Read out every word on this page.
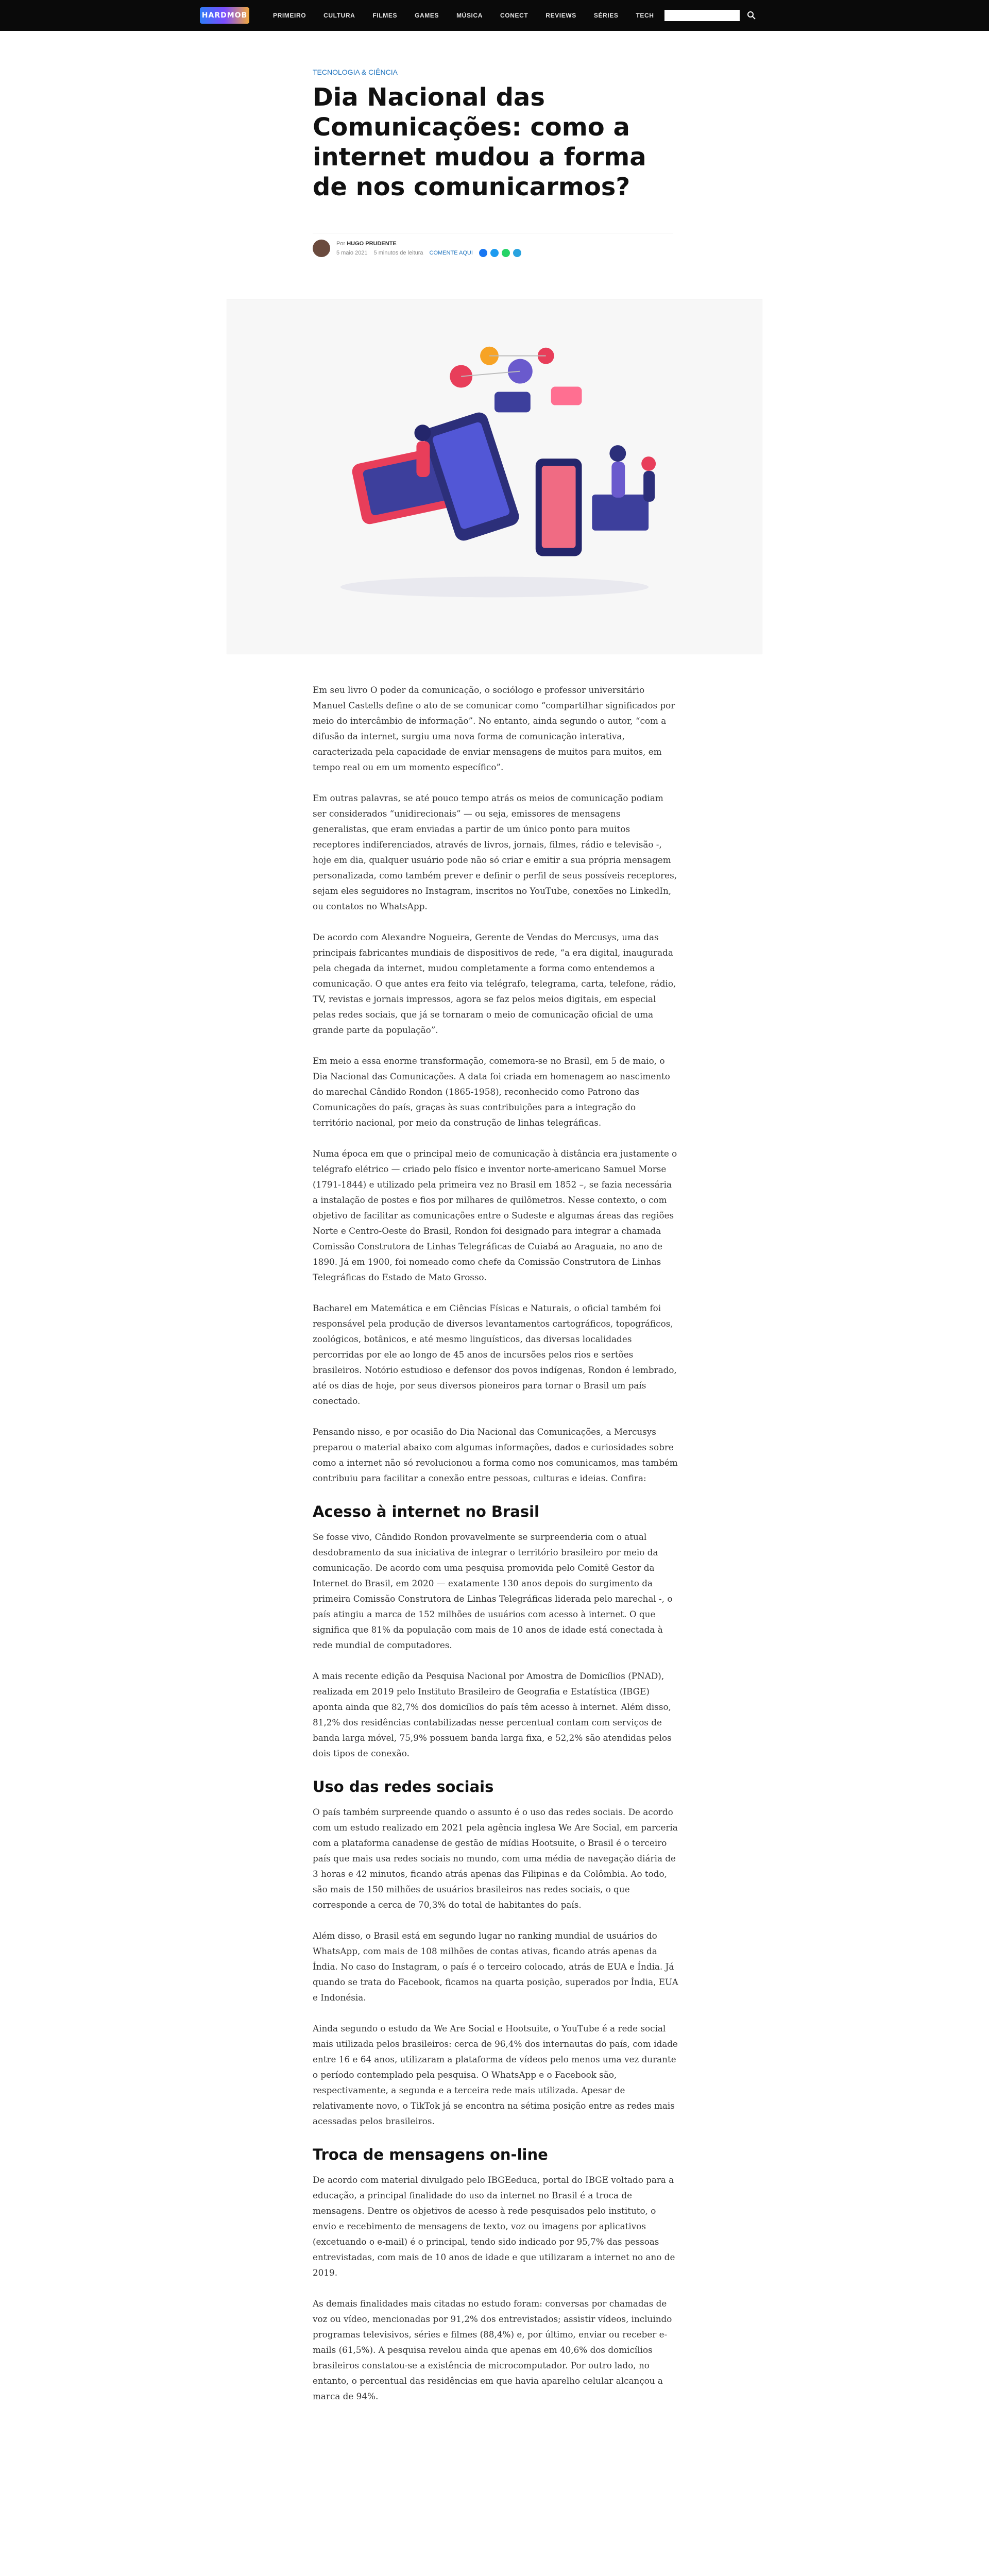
HARDMOB	PRIMEIRO	CULTURA	FILMES	GAMES	MÚSICA	CONECT	REVIEWS	SÉRIES	TECH
TECNOLOGIA & CIÊNCIA
Dia Nacional das Comunicações: como a internet mudou a forma de nos comunicarmos?
Por HUGO PRUDENTE
5 maio 2021 5 minutos de leitura COMENTE AQUI

Em seu livro O poder da comunicação, o sociólogo e professor universitário Manuel Castells define o ato de se comunicar como “compartilhar significados por meio do intercâmbio de informação”. No entanto, ainda segundo o autor, “com a difusão da internet, surgiu uma nova forma de comunicação interativa, caracterizada pela capacidade de enviar mensagens de muitos para muitos, em tempo real ou em um momento específico”.

Em outras palavras, se até pouco tempo atrás os meios de comunicação podiam ser considerados “unidirecionais” — ou seja, emissores de mensagens generalistas, que eram enviadas a partir de um único ponto para muitos receptores indiferenciados, através de livros, jornais, filmes, rádio e televisão -, hoje em dia, qualquer usuário pode não só criar e emitir a sua própria mensagem personalizada, como também prever e definir o perfil de seus possíveis receptores, sejam eles seguidores no Instagram, inscritos no YouTube, conexões no LinkedIn, ou contatos no WhatsApp.

De acordo com Alexandre Nogueira, Gerente de Vendas do Mercusys, uma das principais fabricantes mundiais de dispositivos de rede, “a era digital, inaugurada pela chegada da internet, mudou completamente a forma como entendemos a comunicação. O que antes era feito via telégrafo, telegrama, carta, telefone, rádio, TV, revistas e jornais impressos, agora se faz pelos meios digitais, em especial pelas redes sociais, que já se tornaram o meio de comunicação oficial de uma grande parte da população”.

Em meio a essa enorme transformação, comemora-se no Brasil, em 5 de maio, o Dia Nacional das Comunicações. A data foi criada em homenagem ao nascimento do marechal Cândido Rondon (1865-1958), reconhecido como Patrono das Comunicações do país, graças às suas contribuições para a integração do território nacional, por meio da construção de linhas telegráficas.

Numa época em que o principal meio de comunicação à distância era justamente o telégrafo elétrico — criado pelo físico e inventor norte-americano Samuel Morse (1791-1844) e utilizado pela primeira vez no Brasil em 1852 –, se fazia necessária a instalação de postes e fios por milhares de quilômetros. Nesse contexto, o com objetivo de facilitar as comunicações entre o Sudeste e algumas áreas das regiões Norte e Centro-Oeste do Brasil, Rondon foi designado para integrar a chamada Comissão Construtora de Linhas Telegráficas de Cuiabá ao Araguaia, no ano de 1890. Já em 1900, foi nomeado como chefe da Comissão Construtora de Linhas Telegráficas do Estado de Mato Grosso.

Bacharel em Matemática e em Ciências Físicas e Naturais, o oficial também foi responsável pela produção de diversos levantamentos cartográficos, topográficos, zoológicos, botânicos, e até mesmo linguísticos, das diversas localidades percorridas por ele ao longo de 45 anos de incursões pelos rios e sertões brasileiros. Notório estudioso e defensor dos povos indígenas, Rondon é lembrado, até os dias de hoje, por seus diversos pioneiros para tornar o Brasil um país conectado.

Pensando nisso, e por ocasião do Dia Nacional das Comunicações, a Mercusys preparou o material abaixo com algumas informações, dados e curiosidades sobre como a internet não só revolucionou a forma como nos comunicamos, mas também contribuiu para facilitar a conexão entre pessoas, culturas e ideias. Confira:

Acesso à internet no Brasil

Se fosse vivo, Cândido Rondon provavelmente se surpreenderia com o atual desdobramento da sua iniciativa de integrar o território brasileiro por meio da comunicação. De acordo com uma pesquisa promovida pelo Comitê Gestor da Internet do Brasil, em 2020 — exatamente 130 anos depois do surgimento da primeira Comissão Construtora de Linhas Telegráficas liderada pelo marechal -, o país atingiu a marca de 152 milhões de usuários com acesso à internet. O que significa que 81% da população com mais de 10 anos de idade está conectada à rede mundial de computadores.

A mais recente edição da Pesquisa Nacional por Amostra de Domicílios (PNAD), realizada em 2019 pelo Instituto Brasileiro de Geografia e Estatística (IBGE) aponta ainda que 82,7% dos domicílios do país têm acesso à internet. Além disso, 81,2% dos residências contabilizadas nesse percentual contam com serviços de banda larga móvel, 75,9% possuem banda larga fixa, e 52,2% são atendidas pelos dois tipos de conexão.

Uso das redes sociais

O país também surpreende quando o assunto é o uso das redes sociais. De acordo com um estudo realizado em 2021 pela agência inglesa We Are Social, em parceria com a plataforma canadense de gestão de mídias Hootsuite, o Brasil é o terceiro país que mais usa redes sociais no mundo, com uma média de navegação diária de 3 horas e 42 minutos, ficando atrás apenas das Filipinas e da Colômbia. Ao todo, são mais de 150 milhões de usuários brasileiros nas redes sociais, o que corresponde a cerca de 70,3% do total de habitantes do país.

Além disso, o Brasil está em segundo lugar no ranking mundial de usuários do WhatsApp, com mais de 108 milhões de contas ativas, ficando atrás apenas da Índia. No caso do Instagram, o país é o terceiro colocado, atrás de EUA e Índia. Já quando se trata do Facebook, ficamos na quarta posição, superados por Índia, EUA e Indonésia.

Ainda segundo o estudo da We Are Social e Hootsuite, o YouTube é a rede social mais utilizada pelos brasileiros: cerca de 96,4% dos internautas do país, com idade entre 16 e 64 anos, utilizaram a plataforma de vídeos pelo menos uma vez durante o período contemplado pela pesquisa. O WhatsApp e o Facebook são, respectivamente, a segunda e a terceira rede mais utilizada. Apesar de relativamente novo, o TikTok já se encontra na sétima posição entre as redes mais acessadas pelos brasileiros.

Troca de mensagens on-line

De acordo com material divulgado pelo IBGEeduca, portal do IBGE voltado para a educação, a principal finalidade do uso da internet no Brasil é a troca de mensagens. Dentre os objetivos de acesso à rede pesquisados pelo instituto, o envio e recebimento de mensagens de texto, voz ou imagens por aplicativos (excetuando o e-mail) é o principal, tendo sido indicado por 95,7% das pessoas entrevistadas, com mais de 10 anos de idade e que utilizaram a internet no ano de 2019.

As demais finalidades mais citadas no estudo foram: conversas por chamadas de voz ou vídeo, mencionadas por 91,2% dos entrevistados; assistir vídeos, incluindo programas televisivos, séries e filmes (88,4%) e, por último, enviar ou receber e-mails (61,5%). A pesquisa revelou ainda que apenas em 40,6% dos domicílios brasileiros constatou-se a existência de microcomputador. Por outro lado, no entanto, o percentual das residências em que havia aparelho celular alcançou a marca de 94%.
